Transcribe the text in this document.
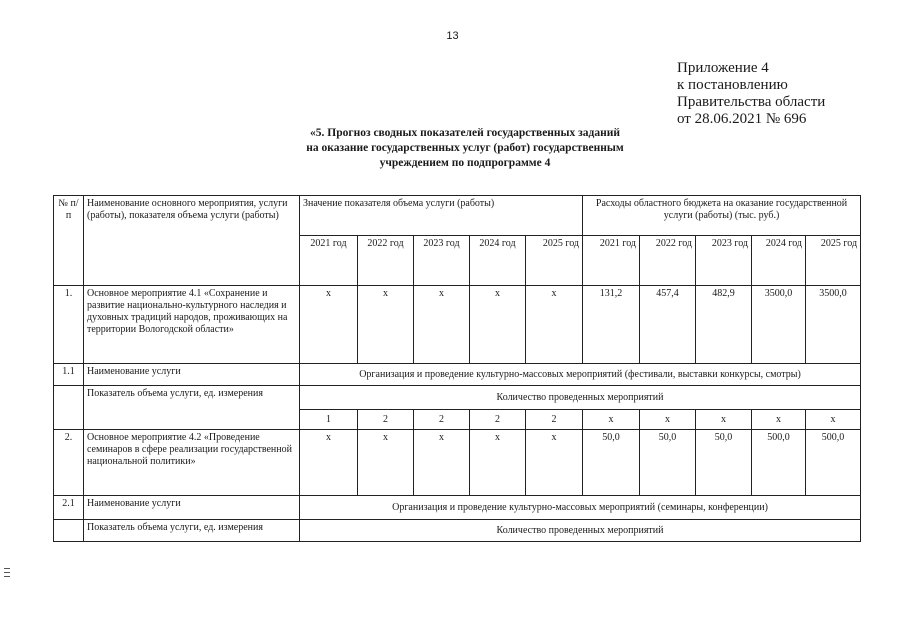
13
Приложение 4
к постановлению
Правительства области
от 28.06.2021 № 696
«5. Прогноз сводных показателей государственных заданий
на оказание государственных услуг (работ) государственным
учреждением по подпрограмме 4
№ п/п	Наименование основного мероприятия, услуги (работы), показателя объема услуги (работы)	Значение показателя объема услуги (работы)					Расходы областного бюджета на оказание государственной услуги (работы) (тыс. руб.)				
		2021 год	2022 год	2023 год	2024 год	2025 год	2021 год	2022 год	2023 год	2024 год	2025 год
1.	Основное мероприятие 4.1 «Сохранение и развитие национально-культурного наследия и духовных традиций народов, проживающих на территории Вологодской области»	x	x	x	x	x	131,2	457,4	482,9	3500,0	3500,0
1.1	Наименование услуги	Организация и проведение культурно-массовых мероприятий (фестивали, выставки конкурсы, смотры)									
	Показатель объема услуги, ед. измерения	Количество проведенных мероприятий									
		1	2	2	2	2	x	x	x	x	x
2.	Основное мероприятие 4.2 «Проведение семинаров в сфере реализации государственной национальной политики»	x	x	x	x	x	50,0	50,0	50,0	500,0	500,0
2.1	Наименование услуги	Организация и проведение культурно-массовых мероприятий (семинары, конференции)									
	Показатель объема услуги, ед. измерения	Количество проведенных мероприятий									
